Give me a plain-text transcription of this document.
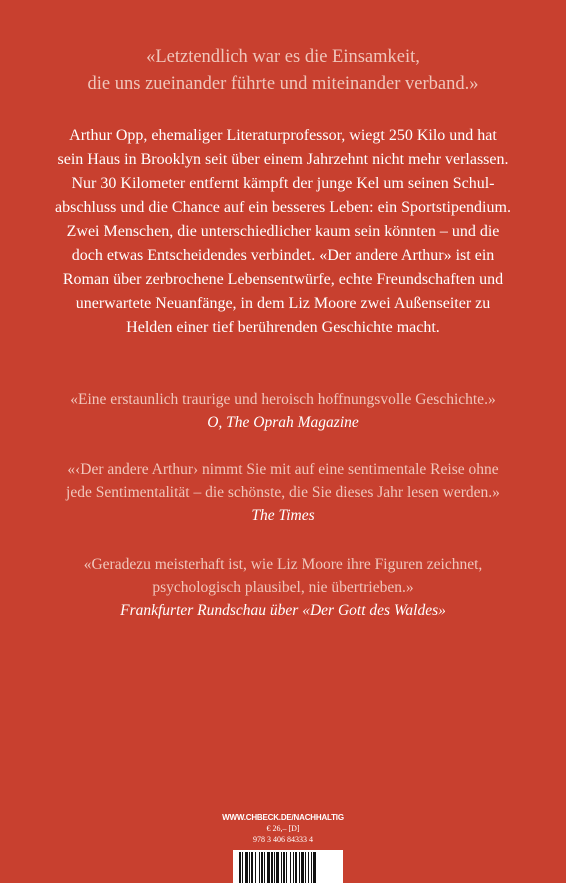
«Letztendlich war es die Einsamkeit,
die uns zueinander führte und miteinander verband.»
Arthur Opp, ehemaliger Literaturprofessor, wiegt 250 Kilo und hat
sein Haus in Brooklyn seit über einem Jahrzehnt nicht mehr verlassen.
Nur 30 Kilometer entfernt kämpft der junge Kel um seinen Schul-
abschluss und die Chance auf ein besseres Leben: ein Sportstipendium.
Zwei Menschen, die unterschiedlicher kaum sein könnten – und die
doch etwas Entscheidendes verbindet. «Der andere Arthur» ist ein
Roman über zerbrochene Lebensentwürfe, echte Freundschaften und
unerwartete Neuanfänge, in dem Liz Moore zwei Außenseiter zu
Helden einer tief berührenden Geschichte macht.
«Eine erstaunlich traurige und heroisch hoffnungsvolle Geschichte.»
O, The Oprah Magazine
«‹Der andere Arthur› nimmt Sie mit auf eine sentimentale Reise ohne
jede Sentimentalität – die schönste, die Sie dieses Jahr lesen werden.»
The Times
«Geradezu meisterhaft ist, wie Liz Moore ihre Figuren zeichnet,
psychologisch plausibel, nie übertrieben.»
Frankfurter Rundschau über «Der Gott des Waldes»
WWW.CHBECK.DE/NACHHALTIG
€ 26,– [D]
978 3 406 84333 4
